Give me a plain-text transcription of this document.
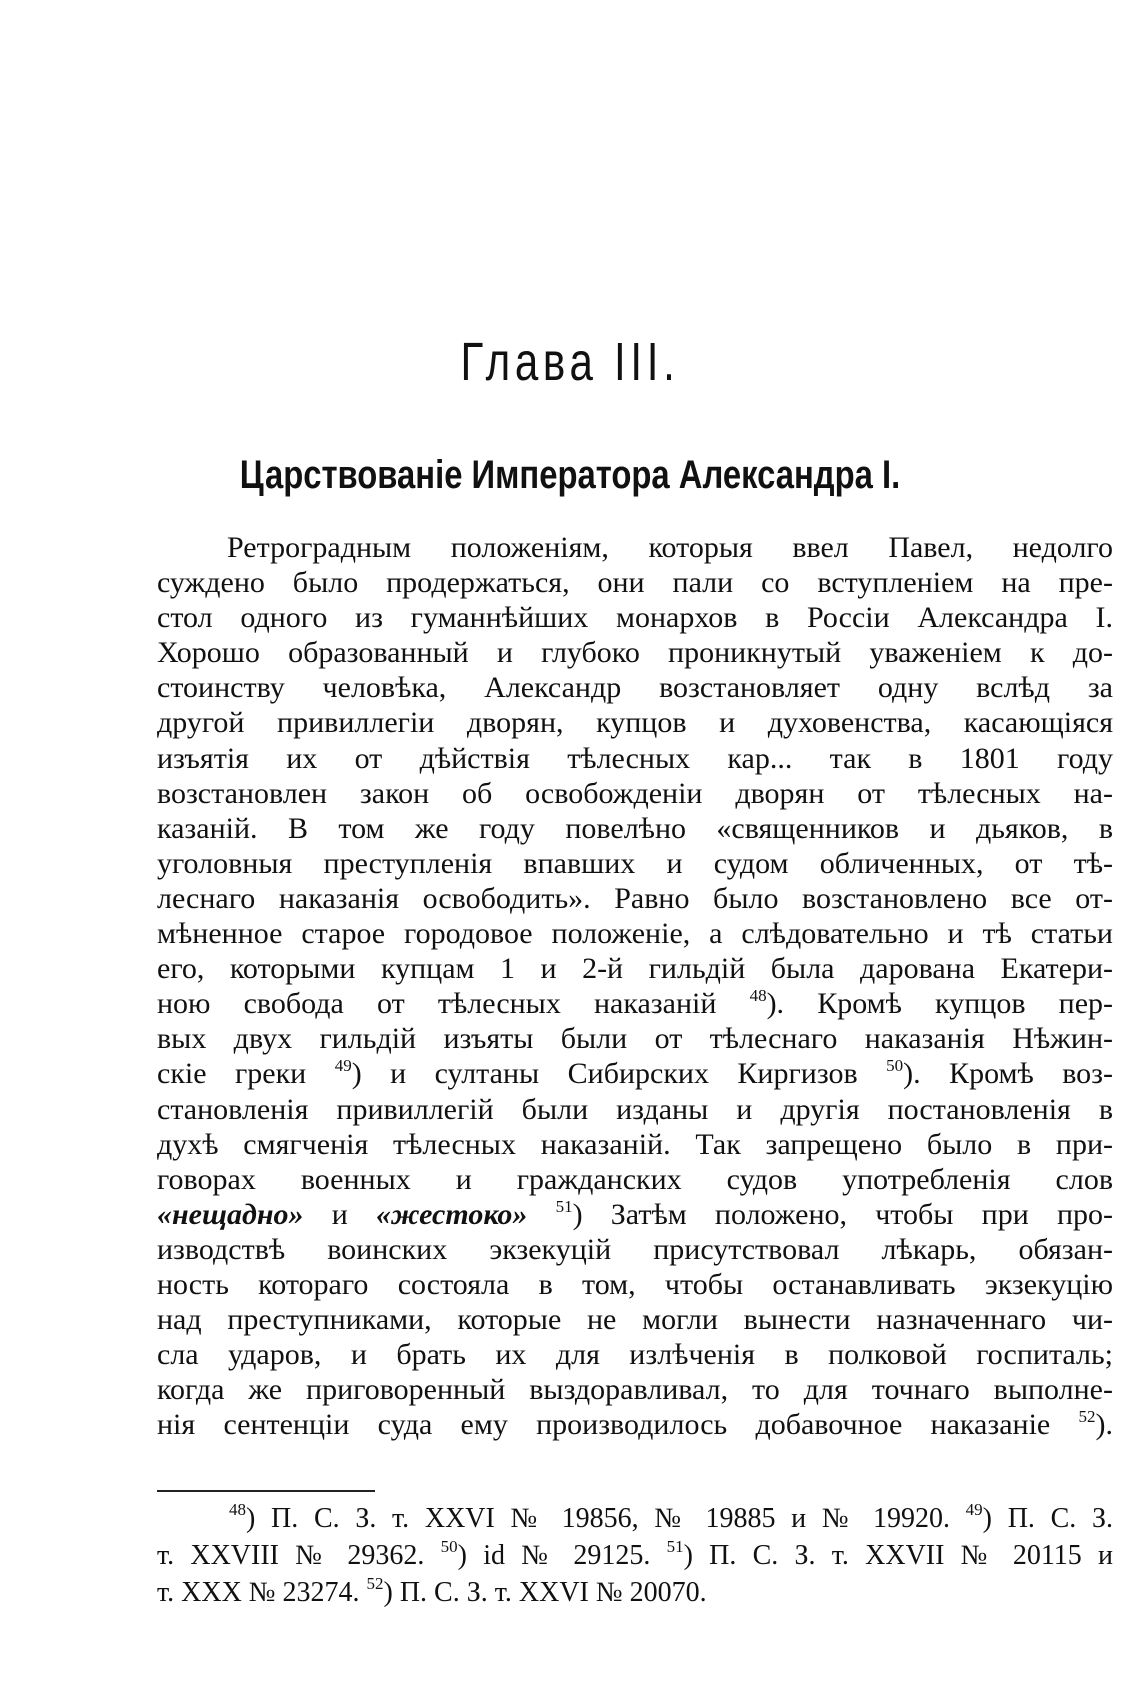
Глава III.
Царствованіе Императора Александра I.
Ретроградным положеніям, которыя ввел Павел, недолго
суждено было продержаться, они пали со вступленіем на пре-
стол одного из гуманнѣйших монархов в Россіи Александра I.
Хорошо образованный и глубоко проникнутый уваженіем к до-
стоинству человѣка, Александр возстановляет одну вслѣд за
другой привиллегіи дворян, купцов и духовенства, касающіяся
изъятія их от дѣйствія тѣлесных кар... так в 1801 году
возстановлен закон об освобожденіи дворян от тѣлесных на-
казаній. В том же году повелѣно «священников и дьяков, в
уголовныя преступленія впавших и судом обличенных, от тѣ-
леснаго наказанія освободить». Равно было возстановлено все от-
мѣненное старое городовое положеніе, а слѣдовательно и тѣ статьи
его, которыми купцам 1 и 2-й гильдій была дарована Екатери-
ною свобода от тѣлесных наказаній $^{48}$). Кромѣ купцов пер-
вых двух гильдій изъяты были от тѣлеснаго наказанія Нѣжин-
скіе греки $^{49}$) и султаны Сибирских Киргизов $^{50}$). Кромѣ воз-
становленія привиллегій были изданы и другія постановленія в
духѣ смягченія тѣлесных наказаній. Так запрещено было в при-
говорах военных и гражданских судов употребленія слов
«нещадно» и «жестоко» $^{51}$) Затѣм положено, чтобы при про-
изводствѣ воинских экзекуцій присутствовал лѣкарь, обязан-
ность котораго состояла в том, чтобы останавливать экзекуцію
над преступниками, которые не могли вынести назначеннаго чи-
сла ударов, и брать их для излѣченія в полковой госпиталь;
когда же приговоренный выздоравливал, то для точнаго выполне-
нія сентенціи суда ему производилось добавочное наказаніе $^{52}$).
$^{48}$) П. С. З. т. XXVI № 19856, № 19885 и № 19920. $^{49}$) П. С. З.
т. XXVIII № 29362. $^{50}$) id № 29125. $^{51}$) П. С. З. т. XXVII № 20115 и
т. XXX № 23274. $^{52}$) П. С. З. т. XXVI № 20070.
